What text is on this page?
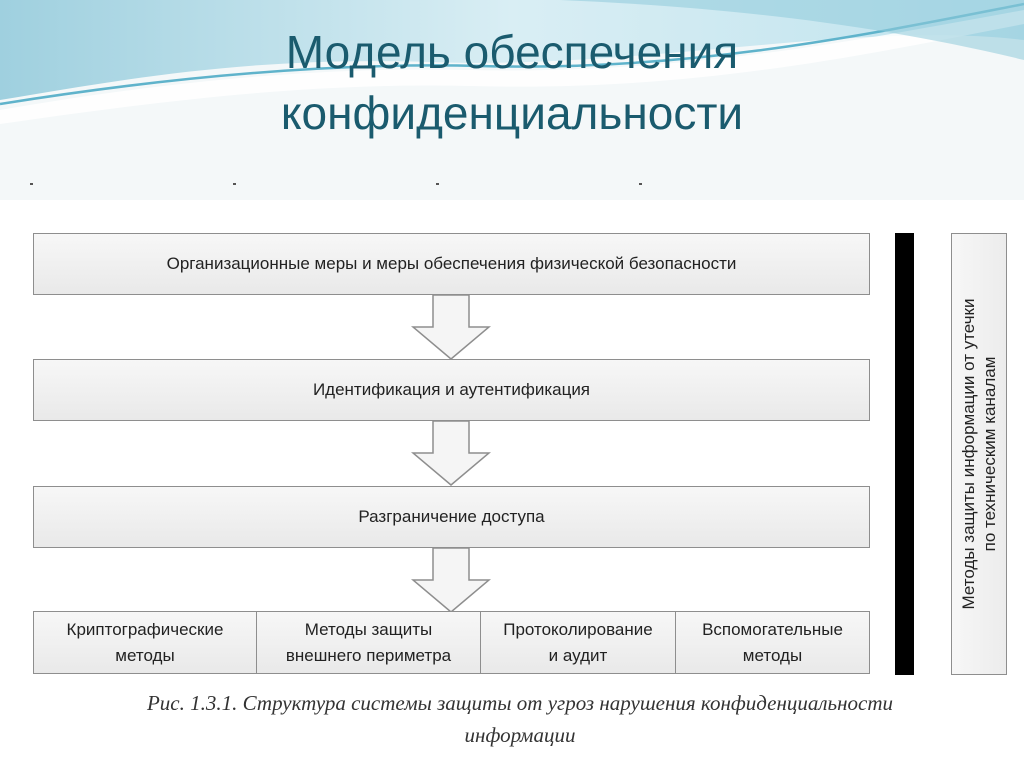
Модель обеспечения
конфиденциальности
Организационные меры и меры обеспечения физической безопасности
Идентификация и аутентификация
Разграничение доступа
Криптографические
методы
Методы защиты
внешнего периметра
Протоколирование
и аудит
Вспомогательные
методы
Методы защиты информации от утечки по техническим каналам
Рис. 1.3.1. Структура системы защиты от угроз нарушения конфиденциальности
информации
